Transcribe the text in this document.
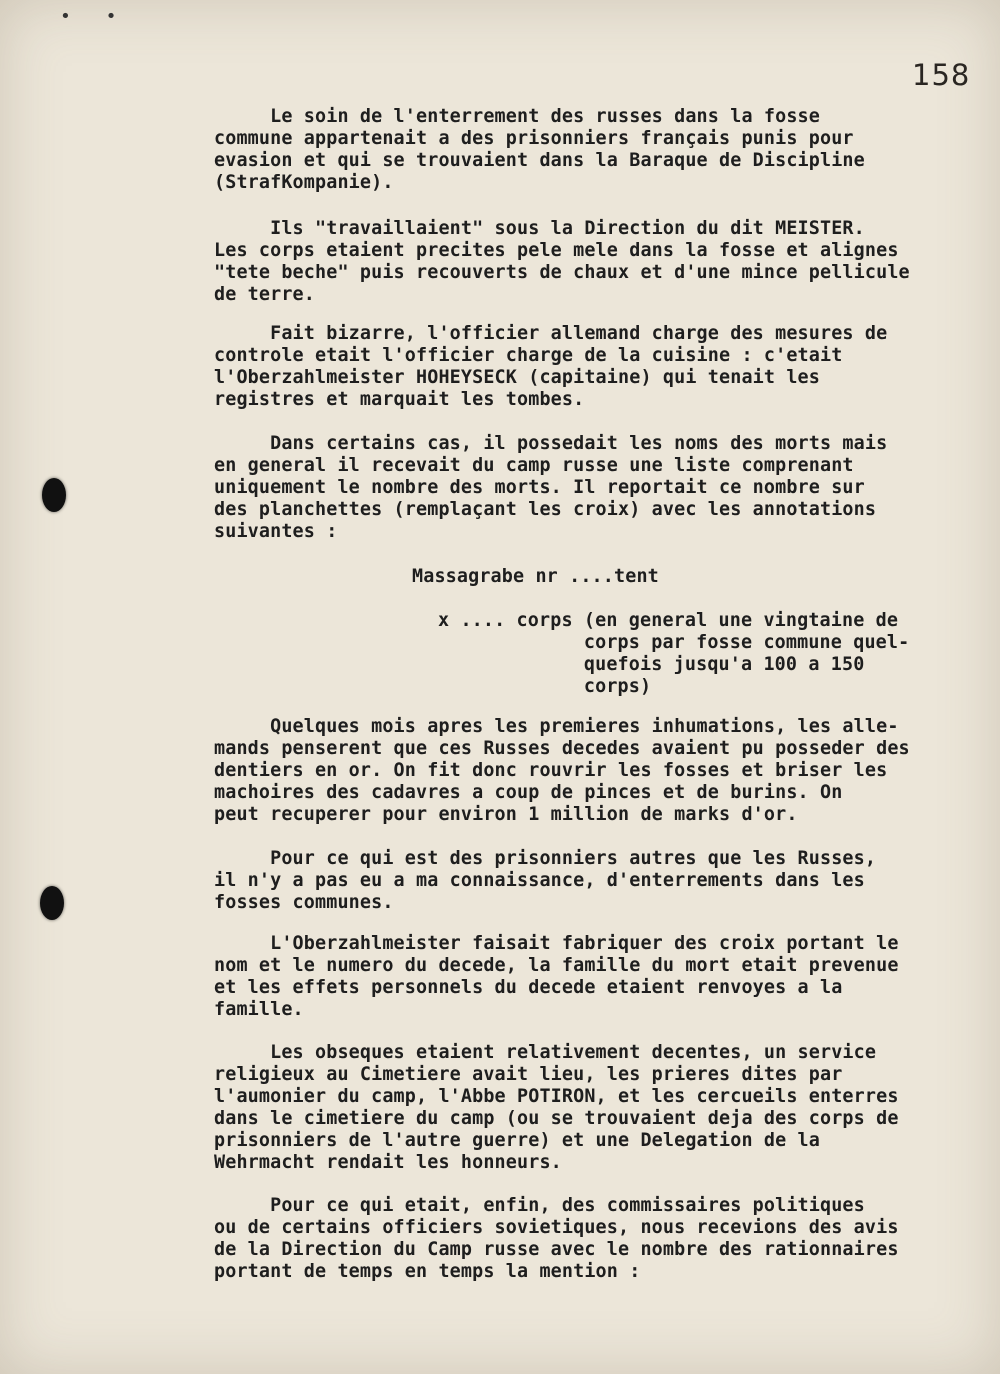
• •
158
Le soin de l'enterrement des russes dans la fosse
commune appartenait a des prisonniers français punis pour
evasion et qui se trouvaient dans la Baraque de Discipline
(StrafKompanie).
Ils "travaillaient" sous la Direction du dit MEISTER.
Les corps etaient precites pele mele dans la fosse et alignes
"tete beche" puis recouverts de chaux et d'une mince pellicule
de terre.
Fait bizarre, l'officier allemand charge des mesures de
controle etait l'officier charge de la cuisine : c'etait
l'Oberzahlmeister HOHEYSECK (capitaine) qui tenait les
registres et marquait les tombes.
Dans certains cas, il possedait les noms des morts mais
en general il recevait du camp russe une liste comprenant
uniquement le nombre des morts. Il reportait ce nombre sur
des planchettes (remplaçant les croix) avec les annotations
suivantes :
Massagrabe nr ....tent
x .... corps (en general une vingtaine de
corps par fosse commune quel-
quefois jusqu'a 100 a 150
corps)
Quelques mois apres les premieres inhumations, les alle-
mands penserent que ces Russes decedes avaient pu posseder des
dentiers en or. On fit donc rouvrir les fosses et briser les
machoires des cadavres a coup de pinces et de burins. On
peut recuperer pour environ 1 million de marks d'or.
Pour ce qui est des prisonniers autres que les Russes,
il n'y a pas eu a ma connaissance, d'enterrements dans les
fosses communes.
L'Oberzahlmeister faisait fabriquer des croix portant le
nom et le numero du decede, la famille du mort etait prevenue
et les effets personnels du decede etaient renvoyes a la
famille.
Les obseques etaient relativement decentes, un service
religieux au Cimetiere avait lieu, les prieres dites par
l'aumonier du camp, l'Abbe POTIRON, et les cercueils enterres
dans le cimetiere du camp (ou se trouvaient deja des corps de
prisonniers de l'autre guerre) et une Delegation de la
Wehrmacht rendait les honneurs.
Pour ce qui etait, enfin, des commissaires politiques
ou de certains officiers sovietiques, nous recevions des avis
de la Direction du Camp russe avec le nombre des rationnaires
portant de temps en temps la mention :
